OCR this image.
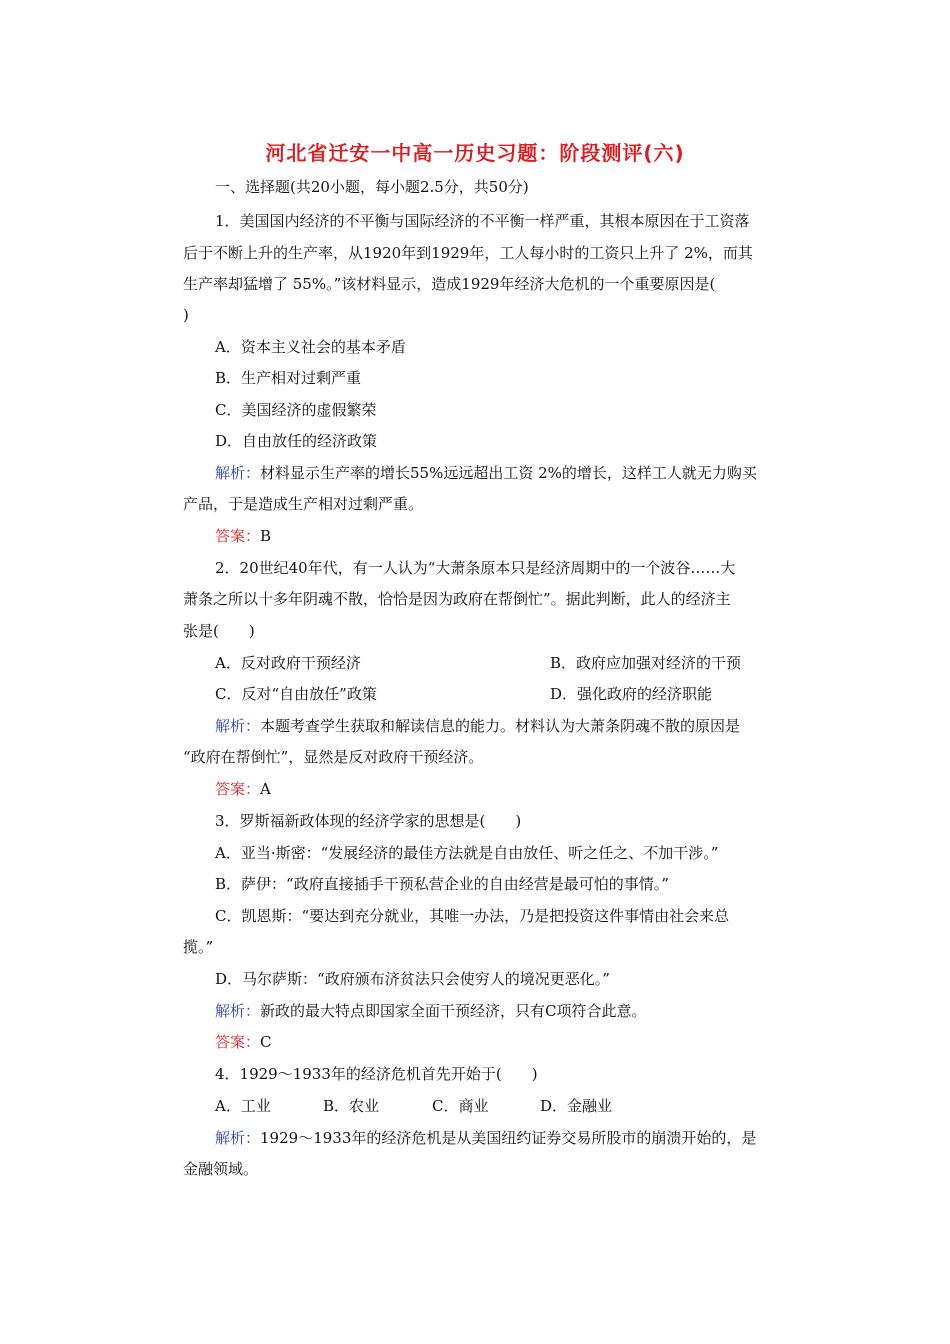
河北省迁安一中高一历史习题：阶段测评(六)
一、选择题(共20小题，每小题2.5分，共50分)
1．美国国内经济的不平衡与国际经济的不平衡一样严重，其根本原因在于工资落
后于不断上升的生产率，从1920年到1929年，工人每小时的工资只上升了 2%，而其
生产率却猛增了 55%。”该材料显示，造成1929年经济大危机的一个重要原因是(
)
A．资本主义社会的基本矛盾
B．生产相对过剩严重
C．美国经济的虚假繁荣
D．自由放任的经济政策
解析：材料显示生产率的增长55%远远超出工资 2%的增长，这样工人就无力购买
产品，于是造成生产相对过剩严重。
答案：B
2．20世纪40年代，有一人认为“大萧条原本只是经济周期中的一个波谷……大
萧条之所以十多年阴魂不散，恰恰是因为政府在帮倒忙”。据此判断，此人的经济主
张是(　　)
A．反对政府干预经济	B．政府应加强对经济的干预
C．反对“自由放任”政策	D．强化政府的经济职能
解析：本题考查学生获取和解读信息的能力。材料认为大萧条阴魂不散的原因是
“政府在帮倒忙”，显然是反对政府干预经济。
答案：A
3．罗斯福新政体现的经济学家的思想是(　　)
A．亚当·斯密：“发展经济的最佳方法就是自由放任、听之任之、不加干涉。”
B．萨伊：“政府直接插手干预私营企业的自由经营是最可怕的事情。”
C．凯恩斯：“要达到充分就业，其唯一办法，乃是把投资这件事情由社会来总
揽。”
D．马尔萨斯：“政府颁布济贫法只会使穷人的境况更恶化。”
解析：新政的最大特点即国家全面干预经济，只有C项符合此意。
答案：C
4．1929～1933年的经济危机首先开始于(　　)
A．工业	B．农业	C．商业	D．金融业
解析：1929～1933年的经济危机是从美国纽约证券交易所股市的崩溃开始的，是
金融领域。
